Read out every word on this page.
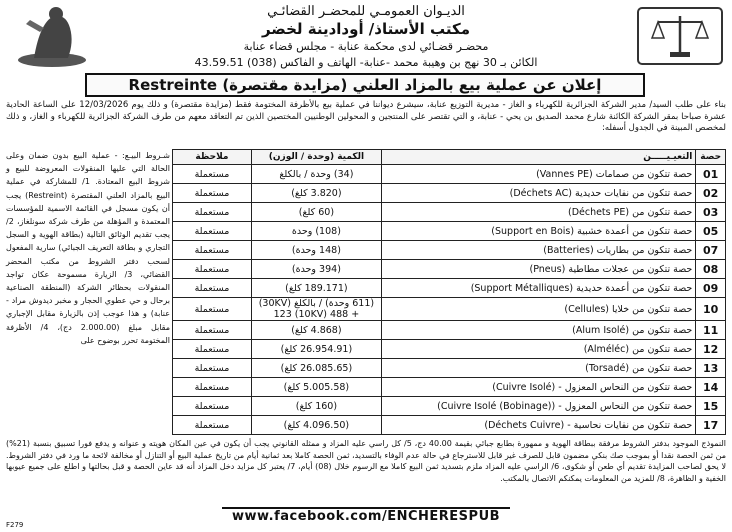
الديـوان العمومـي للمحضـر القضائـي
مكتب الأستاذ/ أودادينة لخضر
محضـر قضـائي لدى محكمة عنابة - مجلس قضاء عنابة
الكائن بـ 30 نهج بن وهيبة محمد -عنابة- الهاتف و الفاكس (038) 43.59.51
إعلان عن عملية بيع بالمزاد العلني (مزايدة مقتصرة) Restreinte

بناء على طلب السيد/ مدير الشركة الجزائرية للكهرباء و الغاز - مديرية التوزيع عنابة، سيشرع ديواننا في عملية بيع بالأظرفة المختومة فقط (مزايدة مقتصرة) و ذلك يوم 12/03/2026 على الساعة الحادية عشرة صباحا بمقر الشركة الكائنة شارع محمد الصديق بن يحي - عنابة، و التي تقتصر على المنتجين و المحولين الوطنيين المختصين الذين تم التعاقد معهم من طرف الشركة الجزائرية للكهرباء و الغاز، و ذلك لمخصص المبينة في الجدول أسفله:

حصة	التعيـيـــــن	الكمية (وحدة / الوزن)	ملاحظة
01	حصة تتكون من صمامات (Vannes PE)	(34) وحدة / بالكلغ	مستعملة
02	حصة تتكون من نفايات حديدية (Déchets AC)	(3.820 كلغ)	مستعملة
03	حصة تتكون من (Déchets PE)	(60 كلغ)	مستعملة
05	حصة تتكون من أعمدة خشبية (Support en Bois)	(108) وحدة	مستعملة
07	حصة تتكون من بطاريات (Batteries)	(148 وحدة)	مستعملة
08	حصة تتكون من عجلات مطاطية (Pneus)	(394 وحدة)	مستعملة
09	حصة تتكون من أعمدة حديدية (Support Métalliques)	(189.171 كلغ)	مستعملة
10	حصة تتكون من خلايا (Cellules)	(611 وحدة) / بالكلغ (30KV) + 123 (10KV) 488	مستعملة
11	حصة تتكون من (Alum Isolé)	(4.868 كلغ)	مستعملة
12	حصة تتكون من (Alméléc)	(26.954.91 كلغ)	مستعملة
13	حصة تتكون من (Torsadé)	(26.085.65 كلغ)	مستعملة
14	حصة تتكون من النحاس المعزول - (Cuivre Isolé)	(5.005.58 كلغ)	مستعملة
15	حصة تتكون من النحاس المعزول - (Cuivre Isolé (Bobinage))	(160 كلغ)	مستعملة
17	حصة تتكون من نفايات نحاسية - (Déchets Cuivre)	(4.096.50 كلغ)	مستعملة
شـروط البيـع: - عملية البيع بدون ضمان وعلى الحالة التي عليها المنقولات المعروضة للبيع و شروط البيع المعتادة. 1/ للمشاركة في عملية البيع بالمزاد العلني المقتصرة (Restreint) يجب أن يكون مسجل في القائمة الاسمية للمؤسسات المعتمدة و المؤهلة من طرف شركة سونلغاز، 2/ يجب تقديم الوثائق التالية (بطاقة الهوية و السجل التجاري و بطاقة التعريف الجبائي) سارية المفعول لسحب دفتر الشروط من مكتب المحضر القضائي، 3/ الزيارة مسموحة عكان تواجد المنقولات بحظائر الشركة (المنطقة الصناعية برحال و حي عطوي الحجار و مخبر ديدوش مراد - عنابة) و هذا عوجب إذن بالزيارة مقابل الإجباري مقابل مبلغ (2.000.00 دج)، 4/ الأظرفة المختومة تحرر بوضوح على

النموذج الموجود بدفتر الشروط مرفقة ببطاقة الهوية و ممهورة بطابع جبائي بقيمة 40.00 دج، 5/ كل راسي عليه المزاد و ممثله القانوني يجب أن يكون في عين المكان هويته و عنوانه و يدفع فورا تسبيق بنسبة (21%) من ثمن الحصة نقدا أو بموجب صك بنكي مضمون قابل للصرف غير قابل للاسترجاع في حالة عدم الوفاء بالتسديد، ثمن الحصة كاملا بعد ثمانية أيام من تاريخ عملية البيع أو التنازل أو مخالفة لائحة ما ورد في دفتر الشروط. لا يحق لصاحب المزايدة تقديم أي طعن أو شكوى، 6/ الراسي عليه المزاد ملزم بتسديد ثمن البيع كاملا مع الرسوم خلال (08) أيام، 7/ يعتبر كل مزايد دخل المزاد أنه قد عاين الحصة و قبل بحالتها و اطلع على جميع عيوبها الخفية و الظاهرة، 8/ للمزيد من المعلومات يمكنكم الاتصال بالمكتب.

www.facebook.com/ENCHERESPUB
F279
